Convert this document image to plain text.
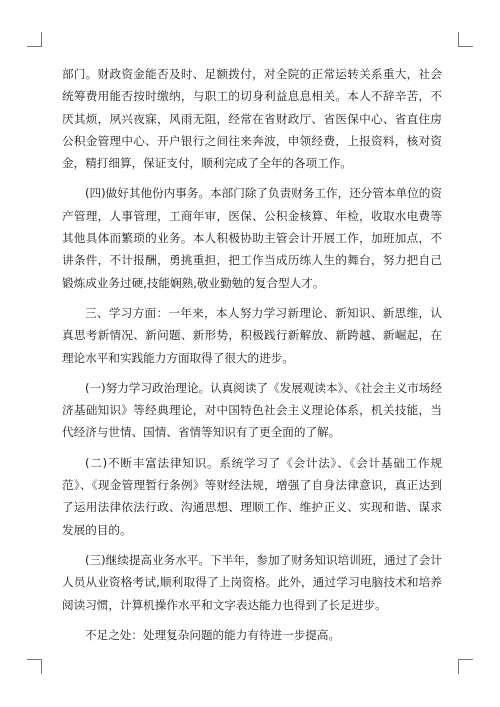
部门。财政资金能否及时、足额拨付，对全院的正常运转关系重大，社会统筹费用能否按时缴纳，与职工的切身利益息息相关。本人不辞辛苦，不厌其烦，夙兴夜寐，风雨无阻，经常在省财政厅、省医保中心、省直住房公积金管理中心、开户银行之间往来奔波，申领经费，上报资料，核对资金，精打细算，保证支付，顺利完成了全年的各项工作。

(四)做好其他份内事务。本部门除了负责财务工作，还分管本单位的资产管理，人事管理，工商年审，医保、公积金核算、年检，收取水电费等其他具体而繁琐的业务。本人积极协助主管会计开展工作，加班加点，不讲条件，不计报酬，勇挑重担，把工作当成历练人生的舞台，努力把自己锻炼成业务过硬,技能娴熟,敬业勤勉的复合型人才。

三、学习方面：一年来，本人努力学习新理论、新知识、新思维，认真思考新情况、新问题、新形势，积极践行新解放、新跨越、新崛起，在理论水平和实践能力方面取得了很大的进步。

(一)努力学习政治理论。认真阅读了《发展观读本》、《社会主义市场经济基础知识》等经典理论，对中国特色社会主义理论体系，机关技能，当代经济与世情、国情、省情等知识有了更全面的了解。

(二)不断丰富法律知识。系统学习了《会计法》、《会计基础工作规范》、《现金管理暂行条例》等财经法规，增强了自身法律意识，真正达到了运用法律依法行政、沟通思想、理顺工作、维护正义、实现和谐、谋求发展的目的。

(三)继续提高业务水平。下半年，参加了财务知识培训班，通过了会计人员从业资格考试,顺利取得了上岗资格。此外，通过学习电脑技术和培养阅读习惯，计算机操作水平和文字表达能力也得到了长足进步。

不足之处：处理复杂问题的能力有待进一步提高。
